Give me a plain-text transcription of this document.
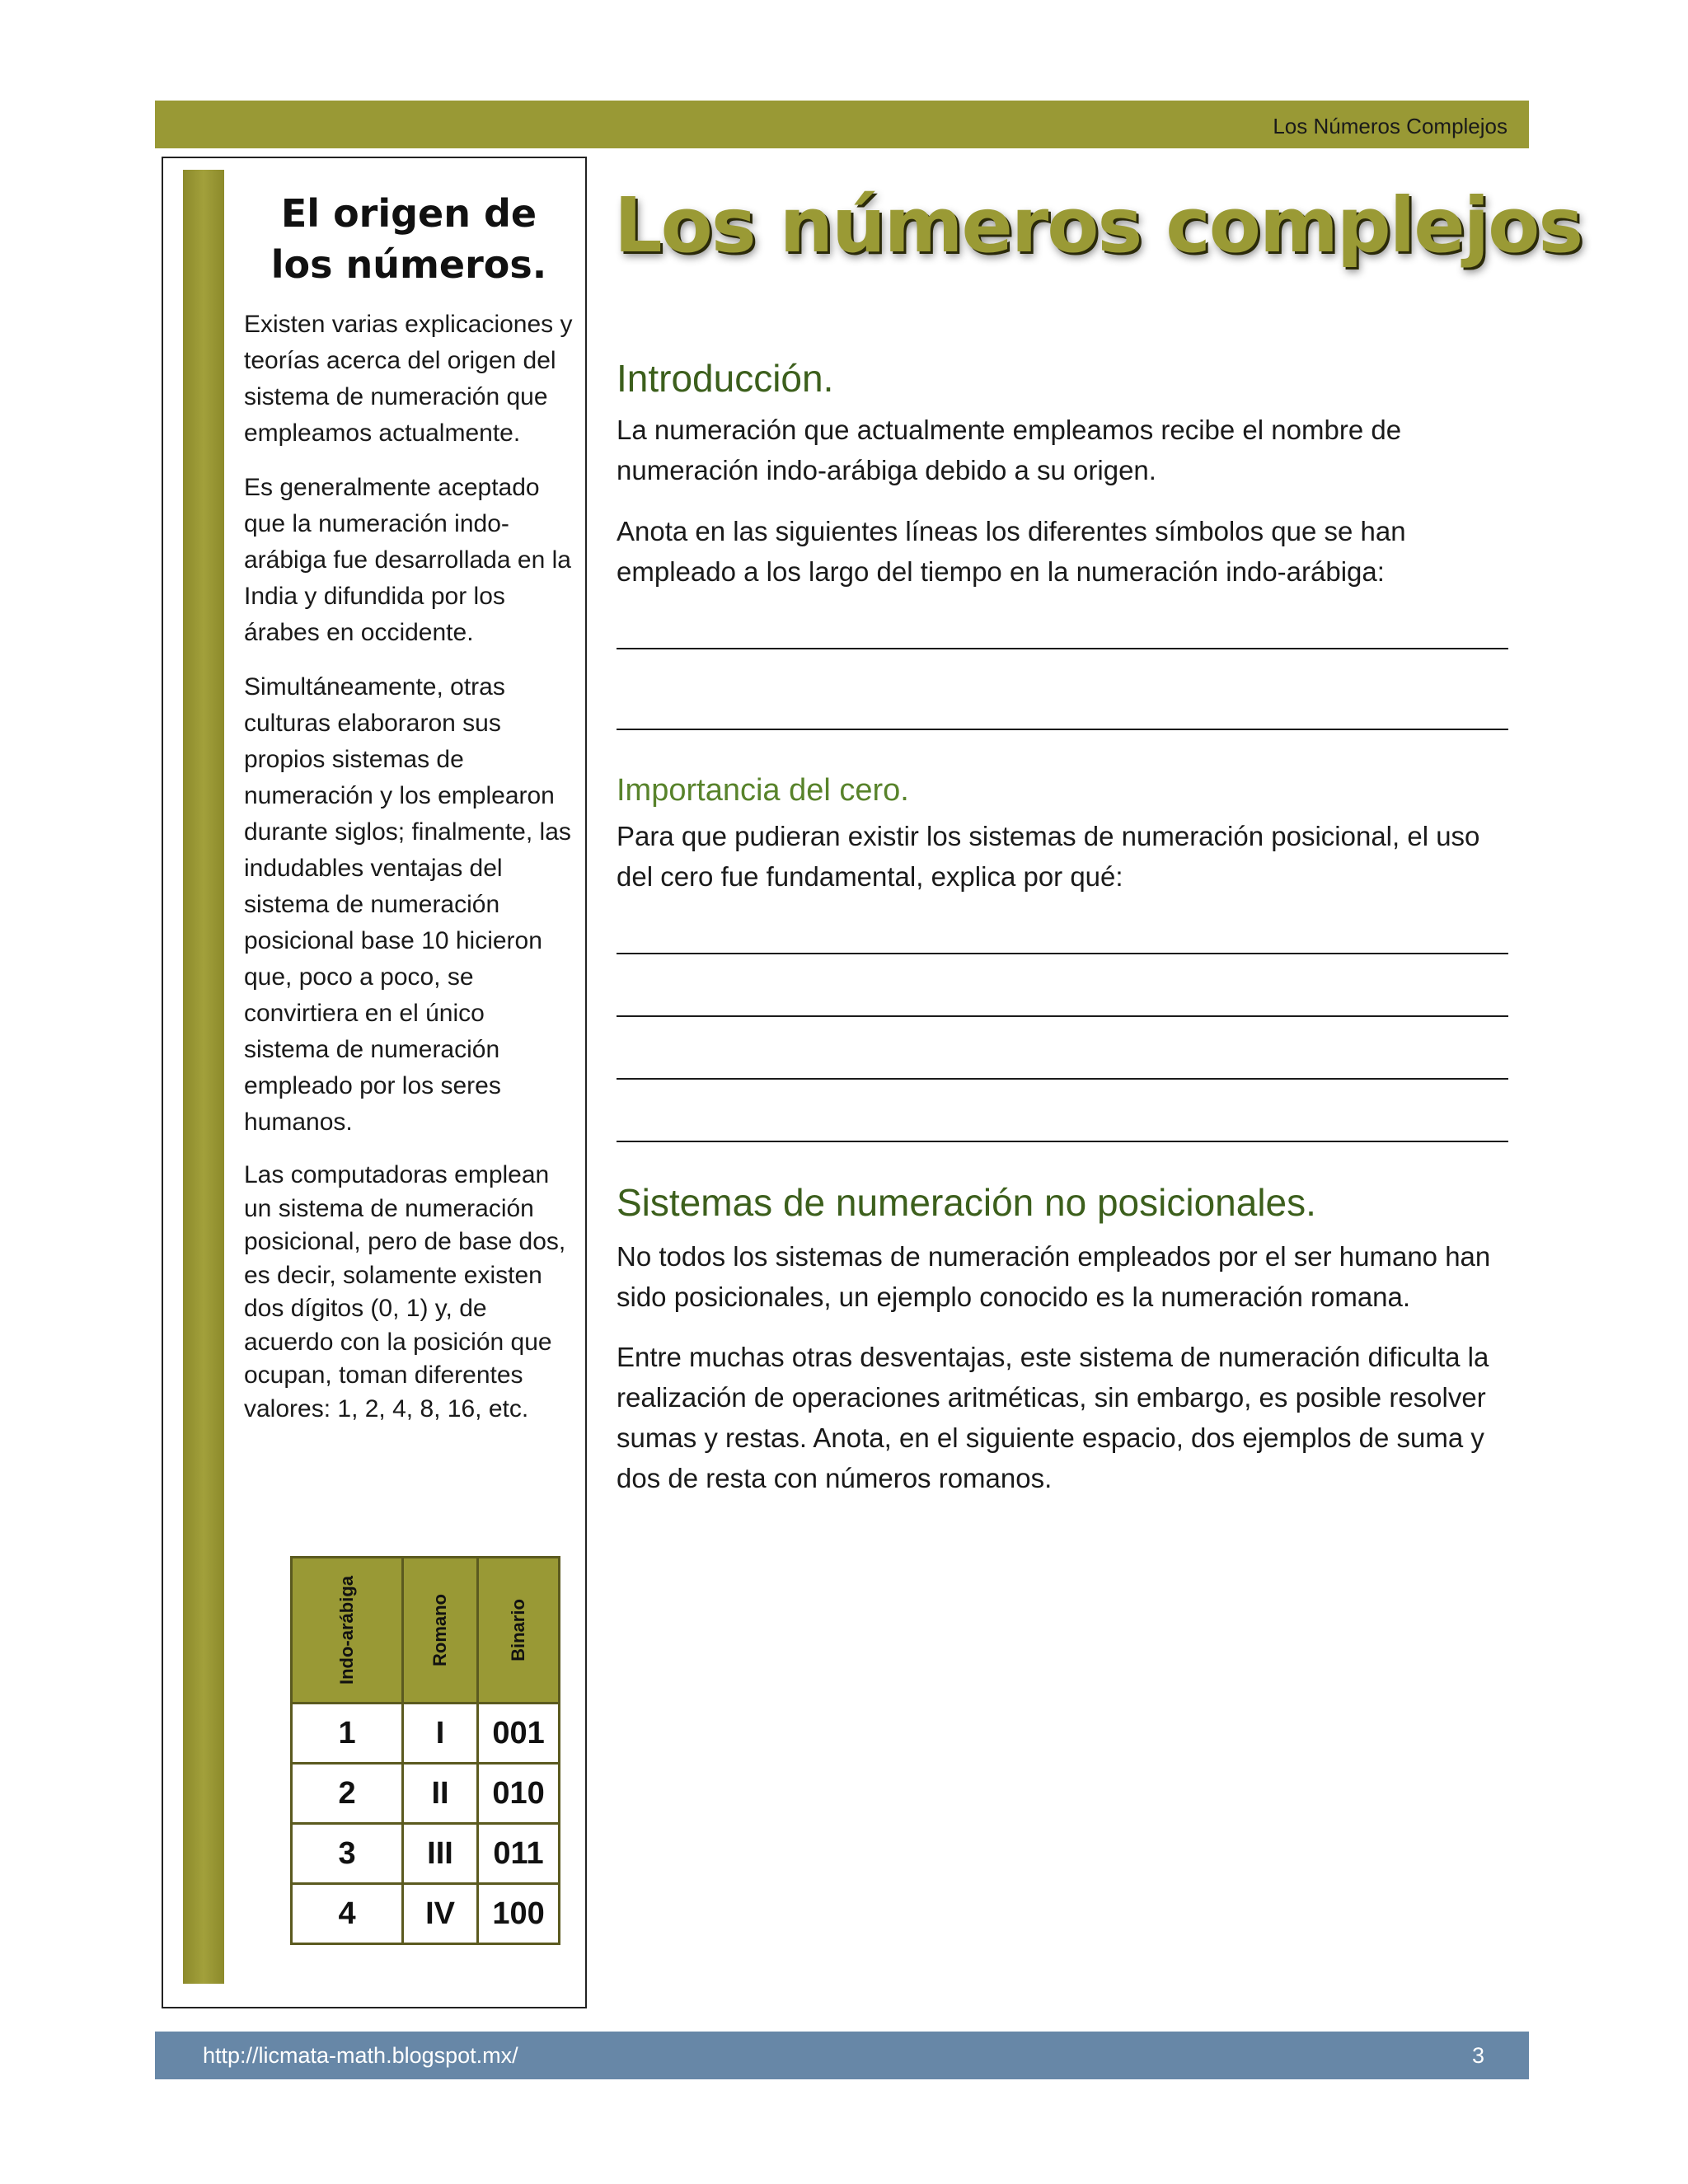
Los Números Complejos
El origen de
los números.

Existen varias explicaciones y teorías acerca del origen del sistema de numeración que empleamos actualmente.

Es generalmente aceptado que la numeración indo-arábiga fue desarrollada en la India y difundida por los árabes en occidente.

Simultáneamente, otras culturas elaboraron sus propios sistemas de numeración y los emplearon durante siglos; finalmente, las indudables ventajas del sistema de numeración posicional base 10 hicieron que, poco a poco, se convirtiera en el único sistema de numeración empleado por los seres humanos.

Las computadoras emplean un sistema de numeración posicional, pero de base dos, es decir, solamente existen dos dígitos (0, 1) y, de acuerdo con la posición que ocupan, toman diferentes valores: 1, 2, 4, 8, 16, etc.

Indo-arábiga	Romano	Binario
1	I	001
2	II	010
3	III	011
4	IV	100
Los números complejos
Introducción.

La numeración que actualmente empleamos recibe el nombre de numeración indo-arábiga debido a su origen.

Anota en las siguientes líneas los diferentes símbolos que se han empleado a los largo del tiempo en la numeración indo-arábiga:

Importancia del cero.

Para que pudieran existir los sistemas de numeración posicional, el uso del cero fue fundamental, explica por qué:

Sistemas de numeración no posicionales.

No todos los sistemas de numeración empleados por el ser humano han sido posicionales, un ejemplo conocido es la numeración romana.

Entre muchas otras desventajas, este sistema de numeración dificulta la realización de operaciones aritméticas, sin embargo, es posible resolver sumas y restas. Anota, en el siguiente espacio, dos ejemplos de suma y dos de resta con números romanos.

http://licmata-math.blogspot.mx/	3
